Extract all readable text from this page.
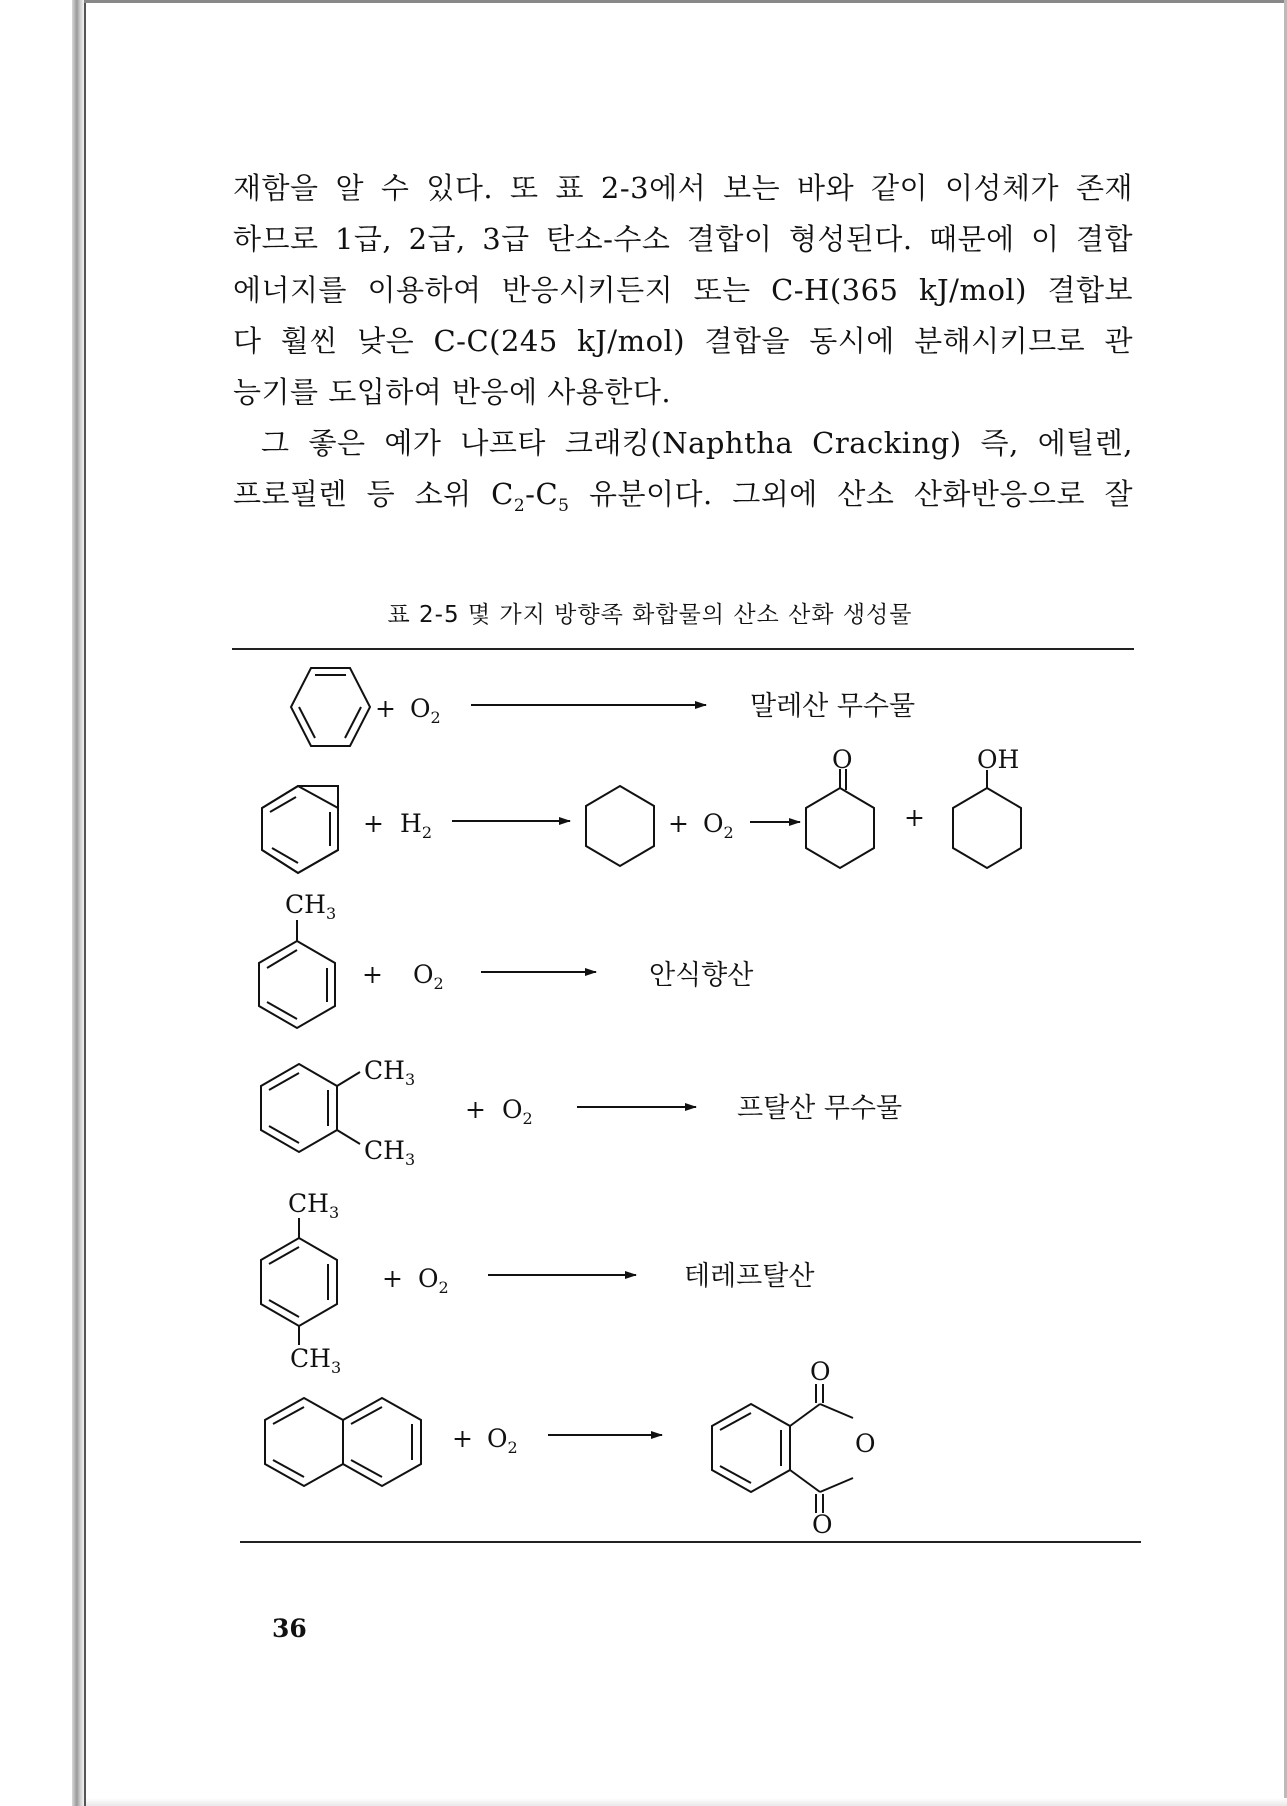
재함을 알 수 있다. 또 표 2-3에서 보는 바와 같이 이성체가 존재

하므로 1급, 2급, 3급 탄소-수소 결합이 형성된다. 때문에 이 결합

에너지를 이용하여 반응시키든지 또는 C-H(365 kJ/mol) 결합보

다 훨씬 낮은 C-C(245 kJ/mol) 결합을 동시에 분해시키므로 관

능기를 도입하여 반응에 사용한다.

그 좋은 예가 나프타 크래킹(Naphtha Cracking) 즉, 에틸렌,

프로필렌 등 소위 $C_2-C_5$ 유분이다. 그외에 산소 산화반응으로 잘

표 2-5 몇 가지 방향족 화합물의 산소 산화 생성물
+ $O_2$	말레산 무수물
+ $H_2$	+ $O_2$
O
+
OH
$CH_3$
+ $O_2$	안식향산
$CH_3$
$CH_3$
+ $O_2$	프탈산 무수물
$CH_3$
$CH_3$
+ $O_2$	테레프탈산
+ $O_2$
O
O
O
36
